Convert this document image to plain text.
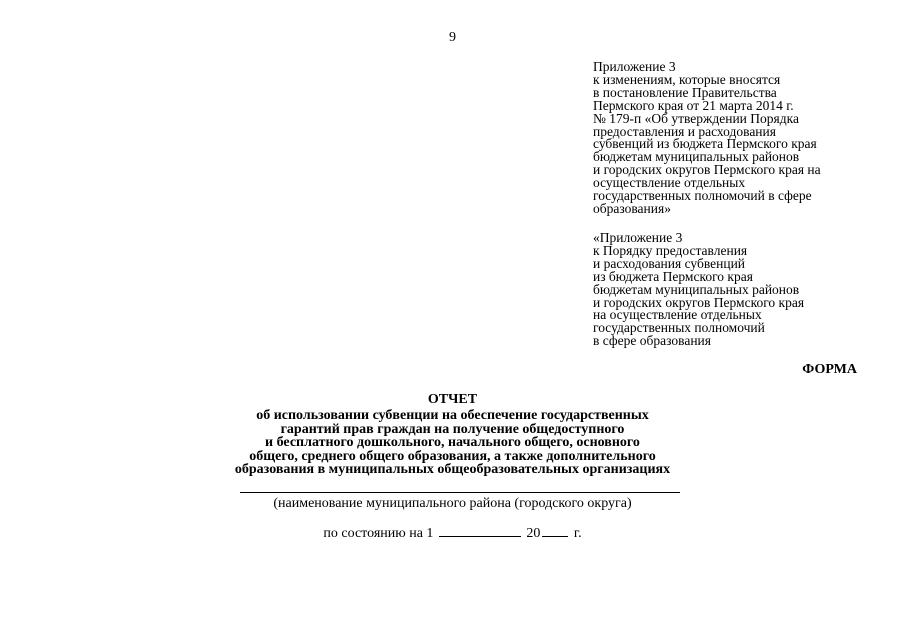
9
Приложение 3
к изменениям, которые вносятся
в постановление Правительства
Пермского края от 21 марта 2014 г.
№ 179-п «Об утверждении Порядка
предоставления и расходования
субвенций из бюджета Пермского края
бюджетам муниципальных районов
и городских округов Пермского края на
осуществление отдельных
государственных полномочий в сфере
образования»
«Приложение 3
к Порядку предоставления
и расходования субвенций
из бюджета Пермского края
бюджетам муниципальных районов
и городских округов Пермского края
на осуществление отдельных
государственных полномочий
в сфере образования
ФОРМА
ОТЧЕТ
об использовании субвенции на обеспечение государственных
гарантий прав граждан на получение общедоступного
и бесплатного дошкольного, начального общего, основного
общего, среднего общего образования, а также дополнительного
образования в муниципальных общеобразовательных организациях
(наименование муниципального района (городского округа)
по состоянию на 1	20 г.
